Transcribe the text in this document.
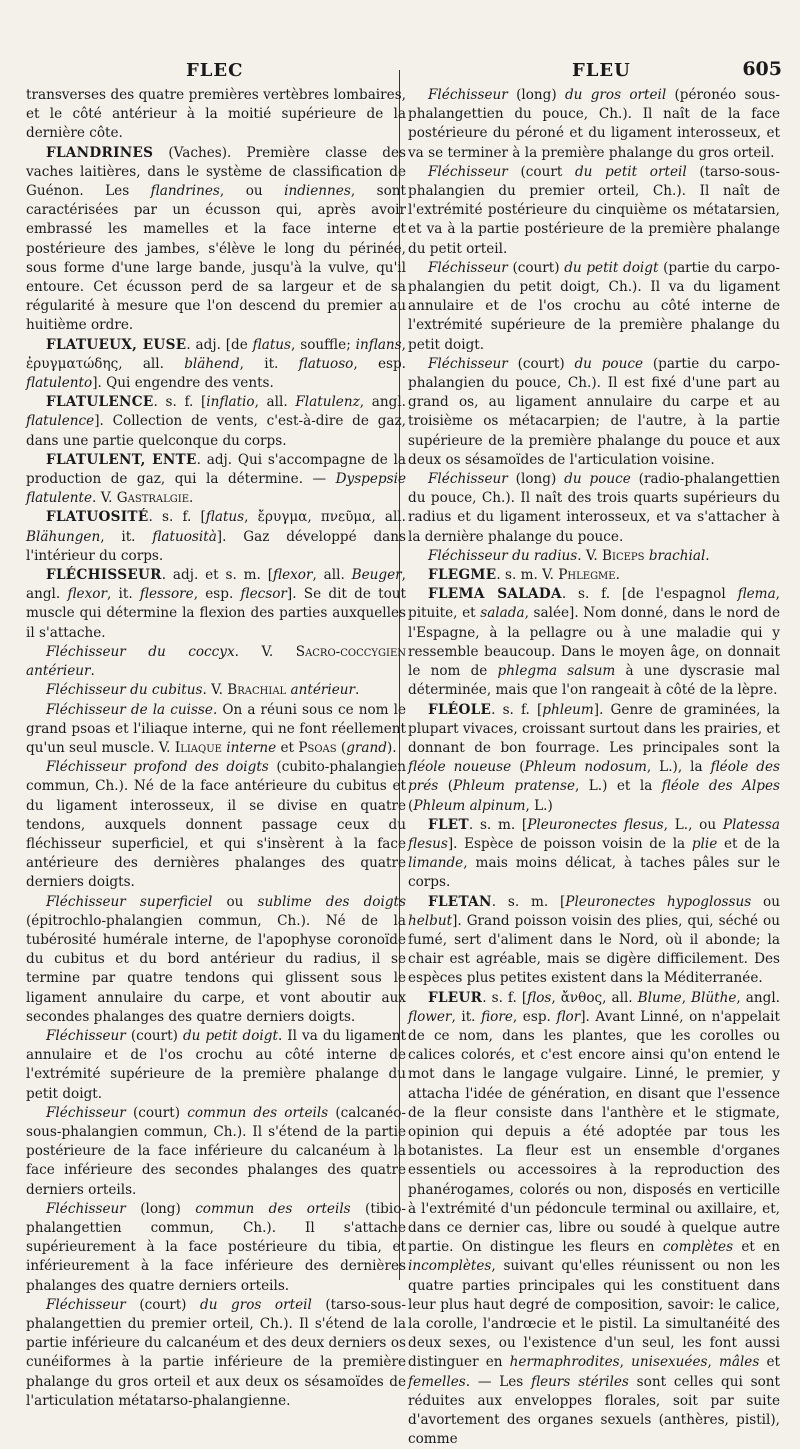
FLEC	FLEU	605

transverses des quatre premières vertèbres lombaires, et le côté antérieur à la moitié supérieure de la dernière côte.

FLANDRINES (Vaches). Première classe des vaches laitières, dans le système de classification de Guénon. Les flandrines, ou indiennes, sont caractérisées par un écusson qui, après avoir embrassé les mamelles et la face interne et postérieure des jambes, s'élève le long du périnée, sous forme d'une large bande, jusqu'à la vulve, qu'il entoure. Cet écusson perd de sa largeur et de sa régularité à mesure que l'on descend du premier au huitième ordre.

FLATUEUX, EUSE. adj. [de flatus, souffle; inflans, ἐρυγματώδης, all. blähend, it. flatuoso, esp. flatulento]. Qui engendre des vents.

FLATULENCE. s. f. [inflatio, all. Flatulenz, angl. flatulence]. Collection de vents, c'est-à-dire de gaz, dans une partie quelconque du corps.

FLATULENT, ENTE. adj. Qui s'accompagne de la production de gaz, qui la détermine. — Dyspepsie flatulente. V. Gastralgie.

FLATUOSITÉ. s. f. [flatus, ἔρυγμα, πνεῦμα, all. Blähungen, it. flatuosità]. Gaz développé dans l'intérieur du corps.

FLÉCHISSEUR. adj. et s. m. [flexor, all. Beuger, angl. flexor, it. flessore, esp. flecsor]. Se dit de tout muscle qui détermine la flexion des parties auxquelles il s'attache.

Fléchisseur du coccyx. V. Sacro-coccygien antérieur.

Fléchisseur du cubitus. V. Brachial antérieur.

Fléchisseur de la cuisse. On a réuni sous ce nom le grand psoas et l'iliaque interne, qui ne font réellement qu'un seul muscle. V. Iliaque interne et Psoas (grand).

Fléchisseur profond des doigts (cubito-phalangien commun, Ch.). Né de la face antérieure du cubitus et du ligament interosseux, il se divise en quatre tendons, auxquels donnent passage ceux du fléchisseur superficiel, et qui s'insèrent à la face antérieure des dernières phalanges des quatre derniers doigts.

Fléchisseur superficiel ou sublime des doigts (épitrochlo-phalangien commun, Ch.). Né de la tubérosité humérale interne, de l'apophyse coronoïde du cubitus et du bord antérieur du radius, il se termine par quatre tendons qui glissent sous le ligament annulaire du carpe, et vont aboutir aux secondes phalanges des quatre derniers doigts.

Fléchisseur (court) du petit doigt. Il va du ligament annulaire et de l'os crochu au côté interne de l'extrémité supérieure de la première phalange du petit doigt.

Fléchisseur (court) commun des orteils (calcanéo-sous-phalangien commun, Ch.). Il s'étend de la partie postérieure de la face inférieure du calcanéum à la face inférieure des secondes phalanges des quatre derniers orteils.

Fléchisseur (long) commun des orteils (tibio-phalangettien commun, Ch.). Il s'attache supérieurement à la face postérieure du tibia, et inférieurement à la face inférieure des dernières phalanges des quatre derniers orteils.

Fléchisseur (court) du gros orteil (tarso-sous-phalangettien du premier orteil, Ch.). Il s'étend de la partie inférieure du calcanéum et des deux derniers os cunéiformes à la partie inférieure de la première phalange du gros orteil et aux deux os sésamoïdes de l'articulation métatarso-phalangienne.

Fléchisseur (long) du gros orteil (péronéo sous-phalangettien du pouce, Ch.). Il naît de la face postérieure du péroné et du ligament interosseux, et va se terminer à la première phalange du gros orteil.

Fléchisseur (court du petit orteil (tarso-sous-phalangien du premier orteil, Ch.). Il naît de l'extrémité postérieure du cinquième os métatarsien, et va à la partie postérieure de la première phalange du petit orteil.

Fléchisseur (court) du petit doigt (partie du carpo-phalangien du petit doigt, Ch.). Il va du ligament annulaire et de l'os crochu au côté interne de l'extrémité supérieure de la première phalange du petit doigt.

Fléchisseur (court) du pouce (partie du carpo-phalangien du pouce, Ch.). Il est fixé d'une part au grand os, au ligament annulaire du carpe et au troisième os métacarpien; de l'autre, à la partie supérieure de la première phalange du pouce et aux deux os sésamoïdes de l'articulation voisine.

Fléchisseur (long) du pouce (radio-phalangettien du pouce, Ch.). Il naît des trois quarts supérieurs du radius et du ligament interosseux, et va s'attacher à la dernière phalange du pouce.

Fléchisseur du radius. V. Biceps brachial.

FLEGME. s. m. V. Phlegme.

FLEMA SALADA. s. f. [de l'espagnol flema, pituite, et salada, salée]. Nom donné, dans le nord de l'Espagne, à la pellagre ou à une maladie qui y ressemble beaucoup. Dans le moyen âge, on donnait le nom de phlegma salsum à une dyscrasie mal déterminée, mais que l'on rangeait à côté de la lèpre.

FLÉOLE. s. f. [phleum]. Genre de graminées, la plupart vivaces, croissant surtout dans les prairies, et donnant de bon fourrage. Les principales sont la fléole noueuse (Phleum nodosum, L.), la fléole des prés (Phleum pratense, L.) et la fléole des Alpes (Phleum alpinum, L.)

FLET. s. m. [Pleuronectes flesus, L., ou Platessa flesus]. Espèce de poisson voisin de la plie et de la limande, mais moins délicat, à taches pâles sur le corps.

FLETAN. s. m. [Pleuronectes hypoglossus ou helbut]. Grand poisson voisin des plies, qui, séché ou fumé, sert d'aliment dans le Nord, où il abonde; la chair est agréable, mais se digère difficilement. Des espèces plus petites existent dans la Méditerranée.

FLEUR. s. f. [flos, ἄνθος, all. Blume, Blüthe, angl. flower, it. fiore, esp. flor]. Avant Linné, on n'appelait de ce nom, dans les plantes, que les corolles ou calices colorés, et c'est encore ainsi qu'on entend le mot dans le langage vulgaire. Linné, le premier, y attacha l'idée de génération, en disant que l'essence de la fleur consiste dans l'anthère et le stigmate, opinion qui depuis a été adoptée par tous les botanistes. La fleur est un ensemble d'organes essentiels ou accessoires à la reproduction des phanérogames, colorés ou non, disposés en verticille à l'extrémité d'un pédoncule terminal ou axillaire, et, dans ce dernier cas, libre ou soudé à quelque autre partie. On distingue les fleurs en complètes et en incomplètes, suivant qu'elles réunissent ou non les quatre parties principales qui les constituent dans leur plus haut degré de composition, savoir: le calice, la corolle, l'andrœcie et le pistil. La simultanéité des deux sexes, ou l'existence d'un seul, les font aussi distinguer en hermaphrodites, unisexuées, mâles et femelles. — Les fleurs stériles sont celles qui sont réduites aux enveloppes florales, soit par suite d'avortement des organes sexuels (anthères, pistil), comme
